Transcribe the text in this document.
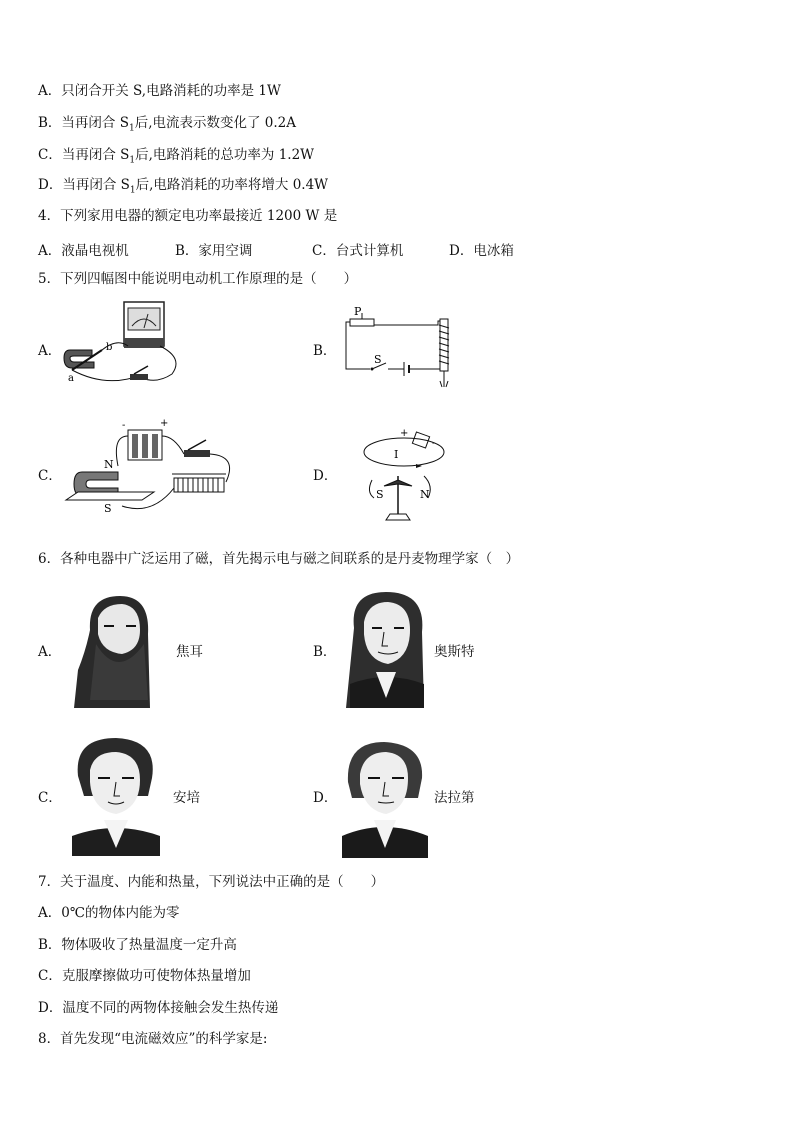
A．只闭合开关 S,电路消耗的功率是 1W
B．当再闭合 $S_1$后,电流表示数变化了 0.2A
C．当再闭合 $S_1$后,电路消耗的总功率为 1.2W
D．当再闭合 $S_1$后,电路消耗的功率将增大 0.4W
4．下列家用电器的额定电功率最接近 1200 W 是
A．液晶电视机	B．家用空调	C．台式计算机	D．电冰箱
5．下列四幅图中能说明电动机工作原理的是（　　）
A．
a
b	B．
P
S
C．
-	+
N
S
D．
+
-
I
S	N
6．各种电器中广泛运用了磁，首先揭示电与磁之间联系的是丹麦物理学家（　）
A．	焦耳	B．	奥斯特
C．	安培	D．	法拉第
7．关于温度、内能和热量，下列说法中正确的是（　　）
A．0℃的物体内能为零
B．物体吸收了热量温度一定升高
C．克服摩擦做功可使物体热量增加
D．温度不同的两物体接触会发生热传递
8．首先发现“电流磁效应”的科学家是:
